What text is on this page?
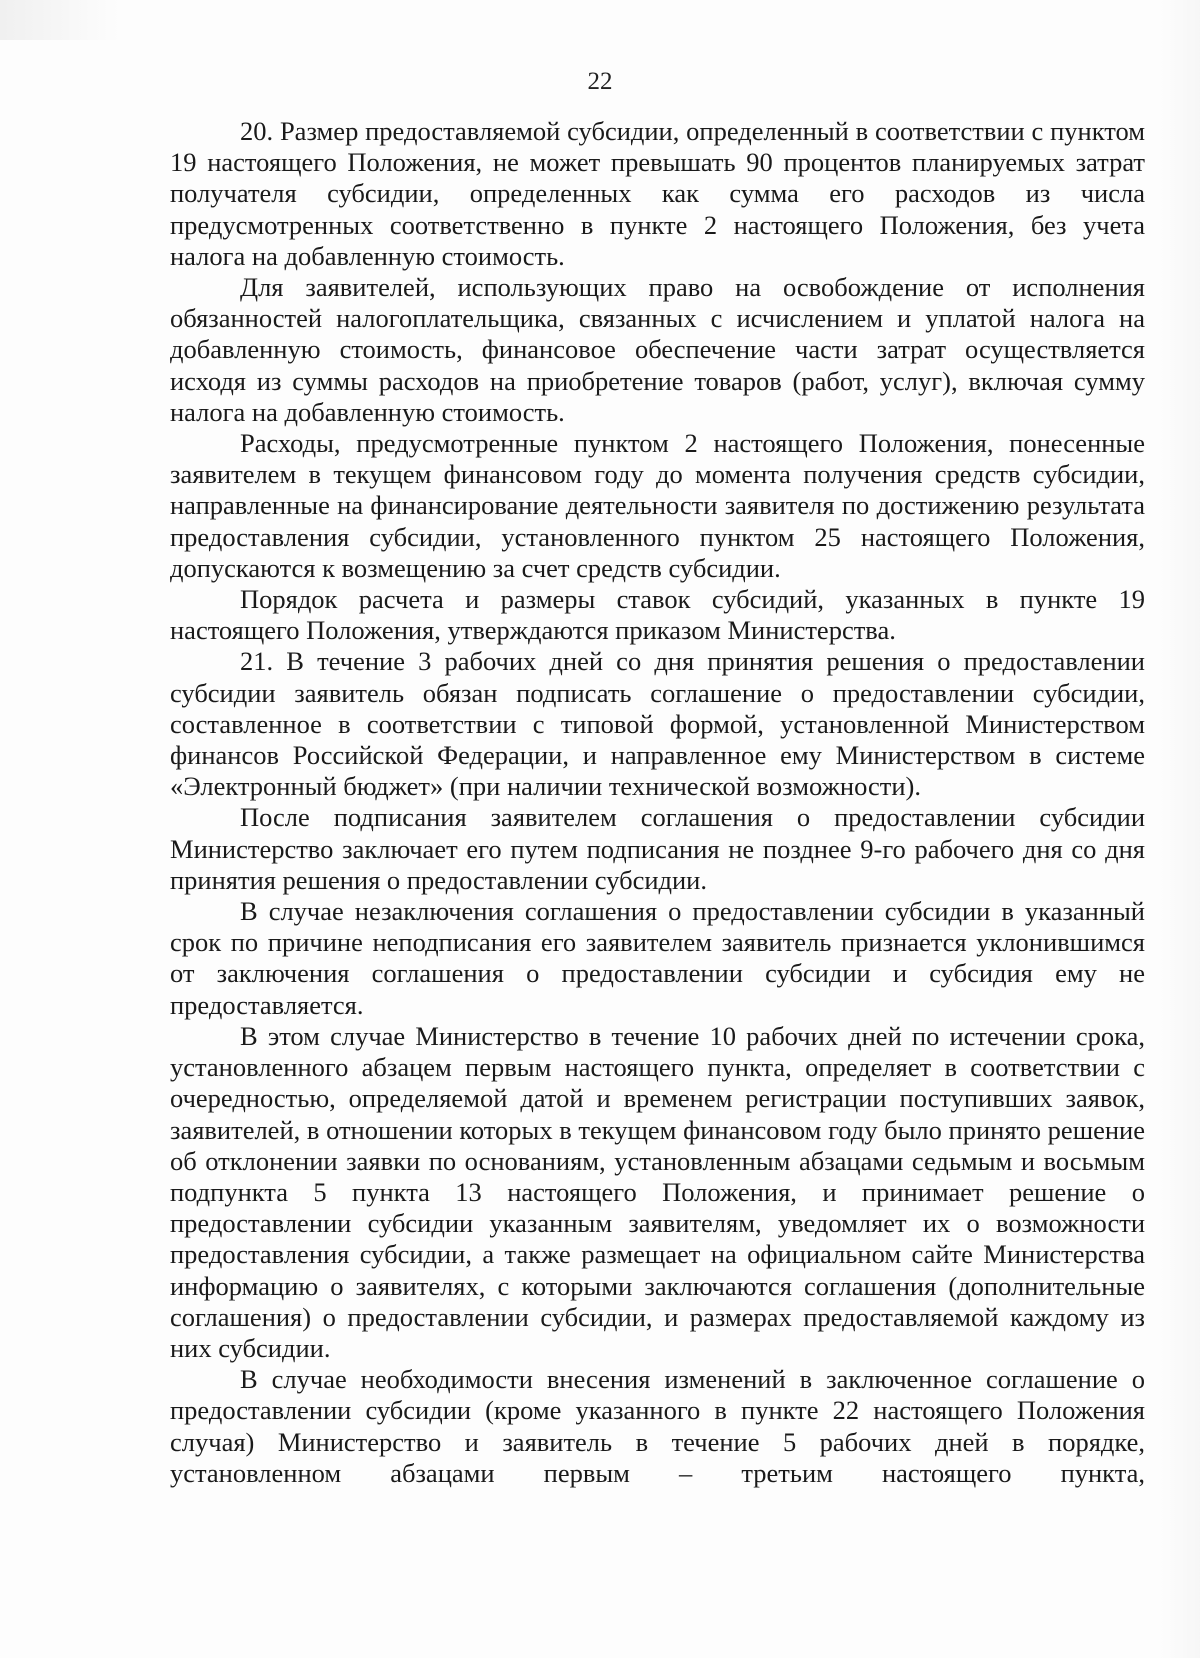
22

20. Размер предоставляемой субсидии, определенный в соответствии с пунктом 19 настоящего Положения, не может превышать 90 процентов планируемых затрат получателя субсидии, определенных как сумма его расходов из числа предусмотренных соответственно в пункте 2 настоящего Положения, без учета налога на добавленную стоимость.

Для заявителей, использующих право на освобождение от исполнения обязанностей налогоплательщика, связанных с исчислением и уплатой налога на добавленную стоимость, финансовое обеспечение части затрат осуществляется исходя из суммы расходов на приобретение товаров (работ, услуг), включая сумму налога на добавленную стоимость.

Расходы, предусмотренные пунктом 2 настоящего Положения, понесенные заявителем в текущем финансовом году до момента получения средств субсидии, направленные на финансирование деятельности заявителя по достижению результата предоставления субсидии, установленного пунктом 25 настоящего Положения, допускаются к возмещению за счет средств субсидии.

Порядок расчета и размеры ставок субсидий, указанных в пункте 19 настоящего Положения, утверждаются приказом Министерства.

21. В течение 3 рабочих дней со дня принятия решения о предоставлении субсидии заявитель обязан подписать соглашение о предоставлении субсидии, составленное в соответствии с типовой формой, установленной Министерством финансов Российской Федерации, и направленное ему Министерством в системе «Электронный бюджет» (при наличии технической возможности).

После подписания заявителем соглашения о предоставлении субсидии Министерство заключает его путем подписания не позднее 9-го рабочего дня со дня принятия решения о предоставлении субсидии.

В случае незаключения соглашения о предоставлении субсидии в указанный срок по причине неподписания его заявителем заявитель признается уклонившимся от заключения соглашения о предоставлении субсидии и субсидия ему не предоставляется.

В этом случае Министерство в течение 10 рабочих дней по истечении срока, установленного абзацем первым настоящего пункта, определяет в соответствии с очередностью, определяемой датой и временем регистрации поступивших заявок, заявителей, в отношении которых в текущем финансовом году было принято решение об отклонении заявки по основаниям, установленным абзацами седьмым и восьмым подпункта 5 пункта 13 настоящего Положения, и принимает решение о предоставлении субсидии указанным заявителям, уведомляет их о возможности предоставления субсидии, а также размещает на официальном сайте Министерства информацию о заявителях, с которыми заключаются соглашения (дополнительные соглашения) о предоставлении субсидии, и размерах предоставляемой каждому из них субсидии.

В случае необходимости внесения изменений в заключенное соглашение о предоставлении субсидии (кроме указанного в пункте 22 настоящего Положения случая) Министерство и заявитель в течение 5 рабочих дней в порядке, установленном абзацами первым – третьим настоящего пункта,
